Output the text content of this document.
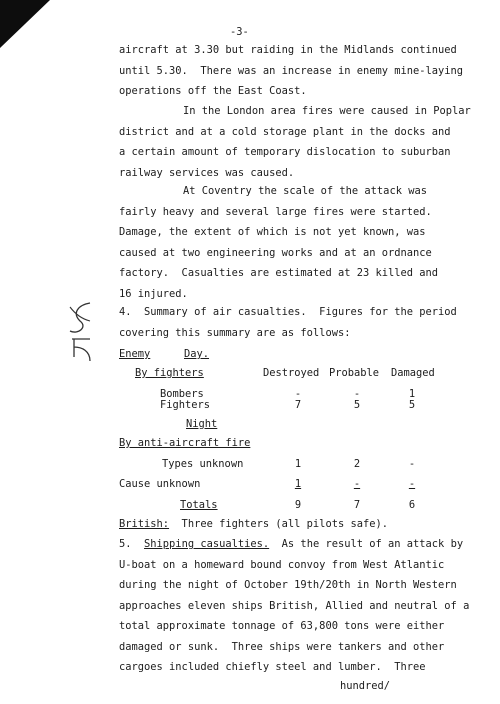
-3-
aircraft at 3.30 but raiding in the Midlands continued
until 5.30.  There was an increase in enemy mine-laying
operations off the East Coast.
In the London area fires were caused in Poplar
district and at a cold storage plant in the docks and
a certain amount of temporary dislocation to suburban
railway services was caused.
At Coventry the scale of the attack was
fairly heavy and several large fires were started.
Damage, the extent of which is not yet known, was
caused at two engineering works and at an ordnance
factory.  Casualties are estimated at 23 killed and
16 injured.
4.  Summary of air casualties.  Figures for the period
covering this summary are as follows:
Enemy	Day.
By fighters	Destroyed Probable Damaged
Bombers	-	-	1
Fighters	7	5	5
Night
By anti-aircraft fire
Types unknown	1	2	-
Cause unknown	1	-	-
Totals	9	7	6
British:  Three fighters (all pilots safe).
5.  Shipping casualties.  As the result of an attack by
U-boat on a homeward bound convoy from West Atlantic
during the night of October 19th/20th in North Western
approaches eleven ships British, Allied and neutral of a
total approximate tonnage of 63,800 tons were either
damaged or sunk.  Three ships were tankers and other
cargoes included chiefly steel and lumber.  Three
hundred/
